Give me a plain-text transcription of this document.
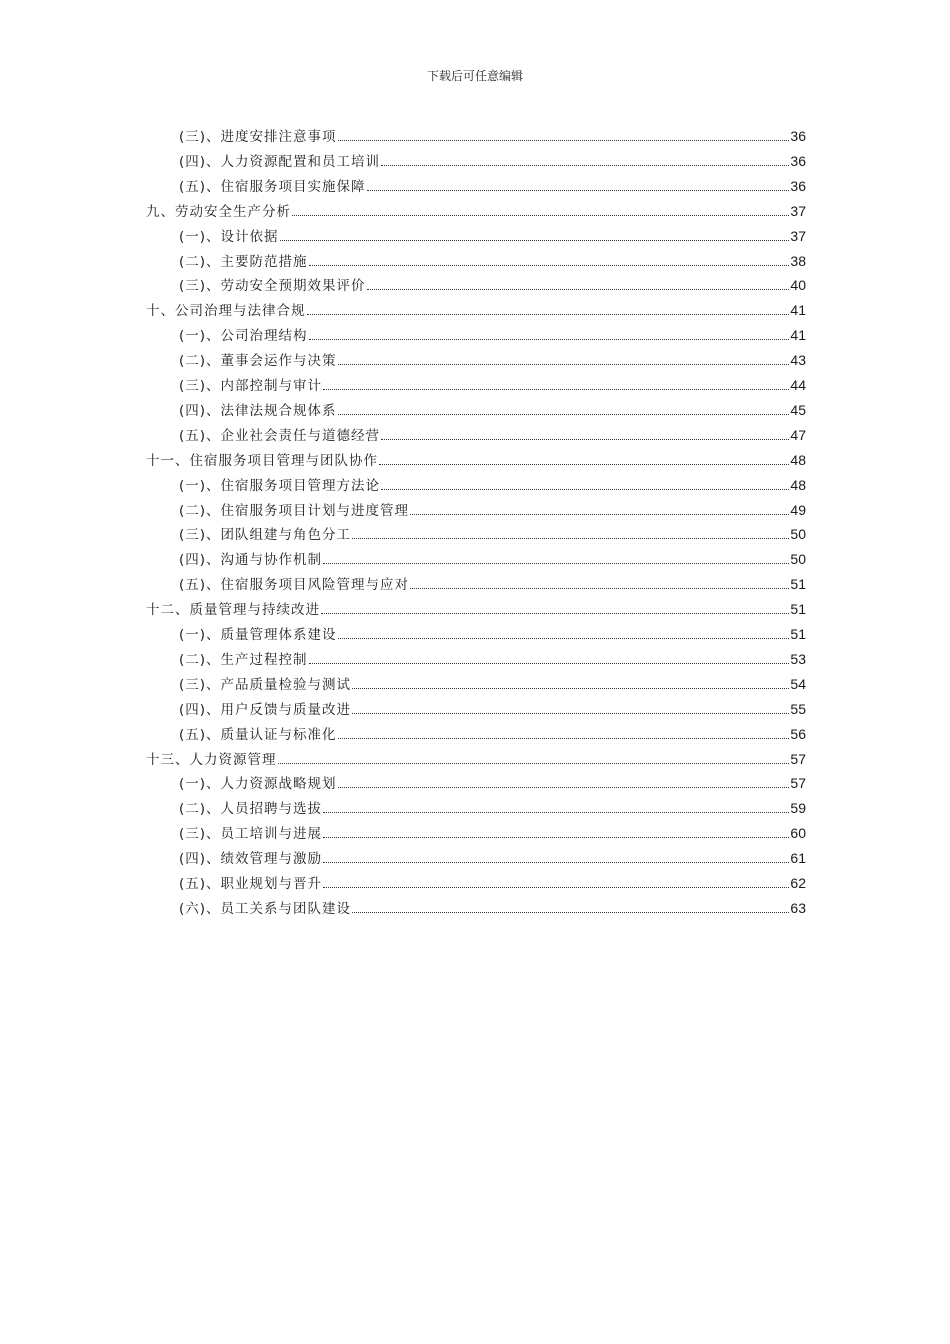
下载后可任意编辑
(三)、进度安排注意事项	36
(四)、人力资源配置和员工培训	36
(五)、住宿服务项目实施保障	36
九、劳动安全生产分析	37
(一)、设计依据	37
(二)、主要防范措施	38
(三)、劳动安全预期效果评价	40
十、公司治理与法律合规	41
(一)、公司治理结构	41
(二)、董事会运作与决策	43
(三)、内部控制与审计	44
(四)、法律法规合规体系	45
(五)、企业社会责任与道德经营	47
十一、住宿服务项目管理与团队协作	48
(一)、住宿服务项目管理方法论	48
(二)、住宿服务项目计划与进度管理	49
(三)、团队组建与角色分工	50
(四)、沟通与协作机制	50
(五)、住宿服务项目风险管理与应对	51
十二、质量管理与持续改进	51
(一)、质量管理体系建设	51
(二)、生产过程控制	53
(三)、产品质量检验与测试	54
(四)、用户反馈与质量改进	55
(五)、质量认证与标准化	56
十三、人力资源管理	57
(一)、人力资源战略规划	57
(二)、人员招聘与选拔	59
(三)、员工培训与进展	60
(四)、绩效管理与激励	61
(五)、职业规划与晋升	62
(六)、员工关系与团队建设	63
